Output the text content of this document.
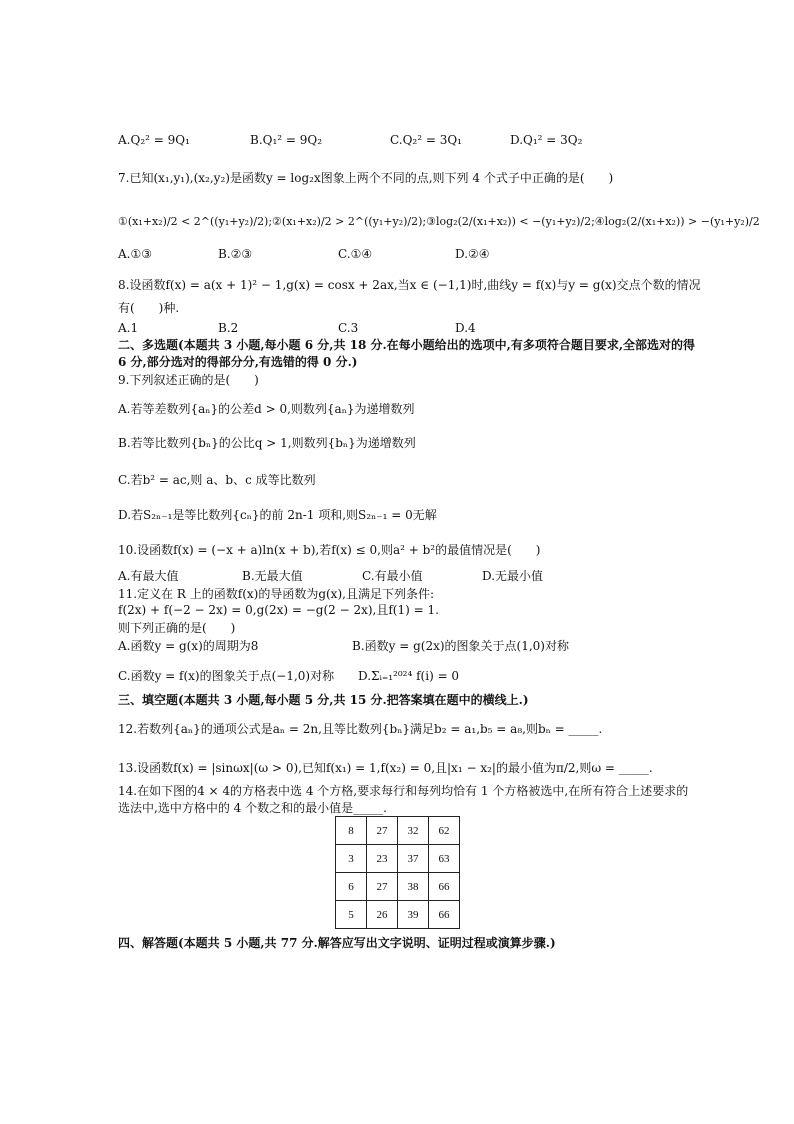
A.Q₂² = 9Q₁	B.Q₁² = 9Q₂	C.Q₂² = 3Q₁	D.Q₁² = 3Q₂
7.已知(x₁,y₁),(x₂,y₂)是函数y = log₂x图象上两个不同的点,则下列 4 个式子中正确的是(　　)
①(x₁+x₂)/2 < 2^((y₁+y₂)/2);②(x₁+x₂)/2 > 2^((y₁+y₂)/2);③log₂(2/(x₁+x₂)) < −(y₁+y₂)/2;④log₂(2/(x₁+x₂)) > −(y₁+y₂)/2
A.①③	B.②③	C.①④	D.②④
8.设函数f(x) = a(x + 1)² − 1,g(x) = cosx + 2ax,当x ∈ (−1,1)时,曲线y = f(x)与y = g(x)交点个数的情况
有(　　)种.
A.1	B.2	C.3	D.4
二、多选题(本题共 3 小题,每小题 6 分,共 18 分.在每小题给出的选项中,有多项符合题目要求,全部选对的得
6 分,部分选对的得部分分,有选错的得 0 分.)
9.下列叙述正确的是(　　)
A.若等差数列{aₙ}的公差d > 0,则数列{aₙ}为递增数列
B.若等比数列{bₙ}的公比q > 1,则数列{bₙ}为递增数列
C.若b² = ac,则 a、b、c 成等比数列
D.若S₂ₙ₋₁是等比数列{cₙ}的前 2n-1 项和,则S₂ₙ₋₁ = 0无解
10.设函数f(x) = (−x + a)ln(x + b),若f(x) ≤ 0,则a² + b²的最值情况是(　　)
A.有最大值	B.无最大值	C.有最小值	D.无最小值
11.定义在 R 上的函数f(x)的导函数为g(x),且满足下列条件:
f(2x) + f(−2 − 2x) = 0,g(2x) = −g(2 − 2x),且f(1) = 1.
则下列正确的是(　　)
A.函数y = g(x)的周期为8	B.函数y = g(2x)的图象关于点(1,0)对称
C.函数y = f(x)的图象关于点(−1,0)对称 D.Σᵢ₌₁²⁰²⁴ f(i) = 0
三、填空题(本题共 3 小题,每小题 5 分,共 15 分.把答案填在题中的横线上.)
12.若数列{aₙ}的通项公式是aₙ = 2n,且等比数列{bₙ}满足b₂ = a₁,b₅ = a₈,则bₙ = _____.
13.设函数f(x) = |sinωx|(ω > 0),已知f(x₁) = 1,f(x₂) = 0,且|x₁ − x₂|的最小值为π/2,则ω = _____.
14.在如下图的4 × 4的方格表中选 4 个方格,要求每行和每列均恰有 1 个方格被选中,在所有符合上述要求的
选法中,选中方格中的 4 个数之和的最小值是_____.
8	27	32	62
3	23	37	63
6	27	38	66
5	26	39	66
四、解答题(本题共 5 小题,共 77 分.解答应写出文字说明、证明过程或演算步骤.)
